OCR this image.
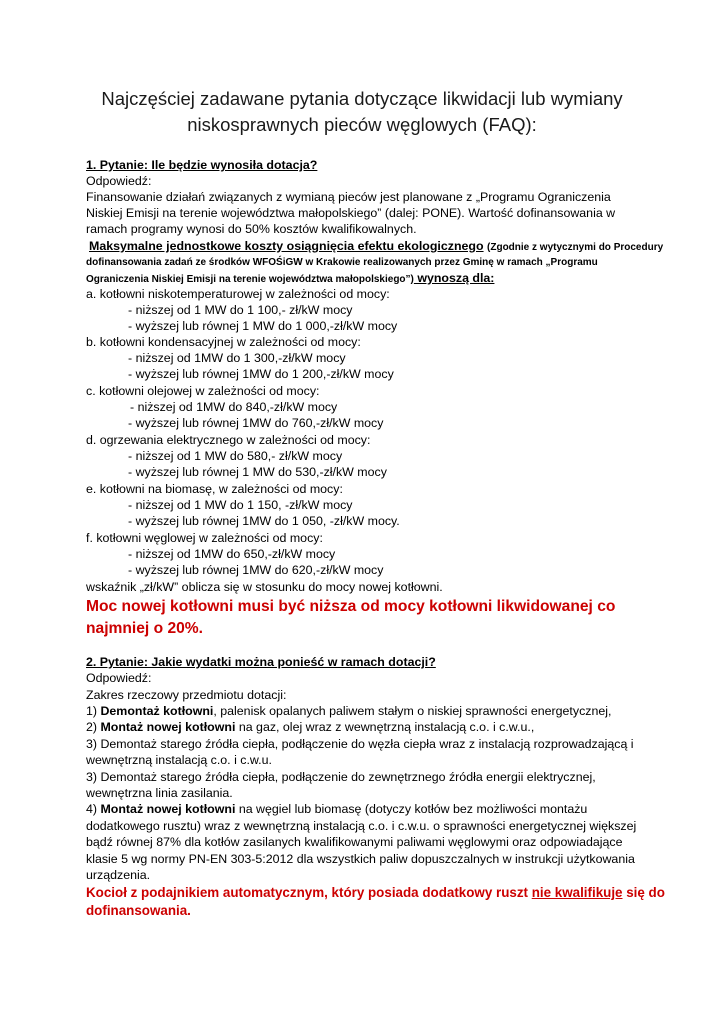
Najczęściej zadawane pytania dotyczące likwidacji lub wymiany
niskosprawnych pieców węglowych (FAQ):
1. Pytanie: Ile będzie wynosiła dotacja?
Odpowiedź:
Finansowanie działań związanych z wymianą pieców jest planowane z „Programu Ograniczenia
Niskiej Emisji na terenie województwa małopolskiego” (dalej: PONE). Wartość dofinansowania w
ramach programy wynosi do 50% kosztów kwalifikowalnych.
Maksymalne jednostkowe koszty osiągnięcia efektu ekologicznego (Zgodnie z wytycznymi do Procedury
dofinansowania zadań ze środków WFOŚiGW w Krakowie realizowanych przez Gminę w ramach „Programu
Ograniczenia Niskiej Emisji na terenie województwa małopolskiego”) wynoszą dla:
a. kotłowni niskotemperaturowej w zależności od mocy:
- niższej od 1 MW do 1 100,- zł/kW mocy
- wyższej lub równej 1 MW do 1 000,-zł/kW mocy
b. kotłowni kondensacyjnej w zależności od mocy:
- niższej od 1MW do 1 300,-zł/kW mocy
- wyższej lub równej 1MW do 1 200,-zł/kW mocy
c. kotłowni olejowej w zależności od mocy:
- niższej od 1MW do 840,-zł/kW mocy
- wyższej lub równej 1MW do 760,-zł/kW mocy
d. ogrzewania elektrycznego w zależności od mocy:
- niższej od 1 MW do 580,- zł/kW mocy
- wyższej lub równej 1 MW do 530,-zł/kW mocy
e. kotłowni na biomasę, w zależności od mocy:
- niższej od 1 MW do 1 150, -zł/kW mocy
- wyższej lub równej 1MW do 1 050, -zł/kW mocy.
f. kotłowni węglowej w zależności od mocy:
- niższej od 1MW do 650,-zł/kW mocy
- wyższej lub równej 1MW do 620,-zł/kW mocy
wskaźnik „zł/kW” oblicza się w stosunku do mocy nowej kotłowni.
Moc nowej kotłowni musi być niższa od mocy kotłowni likwidowanej co
najmniej o 20%.
2. Pytanie: Jakie wydatki można ponieść w ramach dotacji?
Odpowiedź:
Zakres rzeczowy przedmiotu dotacji:
1) Demontaż kotłowni, palenisk opalanych paliwem stałym o niskiej sprawności energetycznej,
2) Montaż nowej kotłowni na gaz, olej wraz z wewnętrzną instalacją c.o. i c.w.u.,
3) Demontaż starego źródła ciepła, podłączenie do węzła ciepła wraz z instalacją rozprowadzającą i
wewnętrzną instalacją c.o. i c.w.u.
3) Demontaż starego źródła ciepła, podłączenie do zewnętrznego źródła energii elektrycznej,
wewnętrzna linia zasilania.
4) Montaż nowej kotłowni na węgiel lub biomasę (dotyczy kotłów bez możliwości montażu
dodatkowego rusztu) wraz z wewnętrzną instalacją c.o. i c.w.u. o sprawności energetycznej większej
bądź równej 87% dla kotłów zasilanych kwalifikowanymi paliwami węglowymi oraz odpowiadające
klasie 5 wg normy PN-EN 303-5:2012 dla wszystkich paliw dopuszczalnych w instrukcji użytkowania
urządzenia.
Kocioł z podajnikiem automatycznym, który posiada dodatkowy ruszt nie kwalifikuje się do
dofinansowania.
